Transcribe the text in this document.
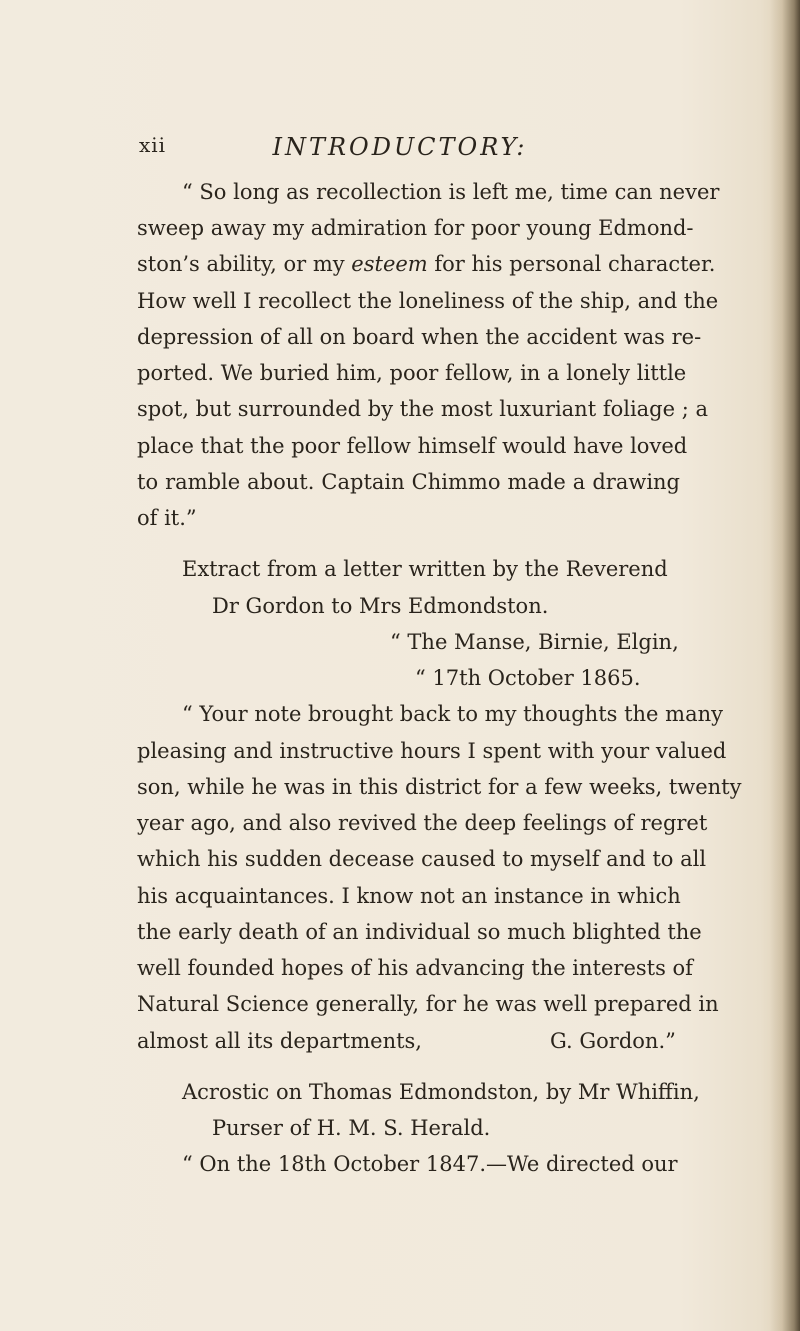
xii	INTRODUCTORY:
“ So long as recollection is left me, time can never
sweep away my admiration for poor young Edmond-
ston’s ability, or my esteem for his personal character.
How well I recollect the loneliness of the ship, and the
depression of all on board when the accident was re-
ported. We buried him, poor fellow, in a lonely little
spot, but surrounded by the most luxuriant foliage ; a
place that the poor fellow himself would have loved
to ramble about. Captain Chimmo made a drawing
of it.”
Extract from a letter written by the Reverend
Dr Gordon to Mrs Edmondston.
“ The Manse, Birnie, Elgin,
“ 17th October 1865.
“ Your note brought back to my thoughts the many
pleasing and instructive hours I spent with your valued
son, while he was in this district for a few weeks, twenty
year ago, and also revived the deep feelings of regret
which his sudden decease caused to myself and to all
his acquaintances. I know not an instance in which
the early death of an individual so much blighted the
well founded hopes of his advancing the interests of
Natural Science generally, for he was well prepared in
almost all its departments,	G. Gordon.”
Acrostic on Thomas Edmondston, by Mr Whiffin,
Purser of H. M. S. Herald.
“ On the 18th October 1847.—We directed our
